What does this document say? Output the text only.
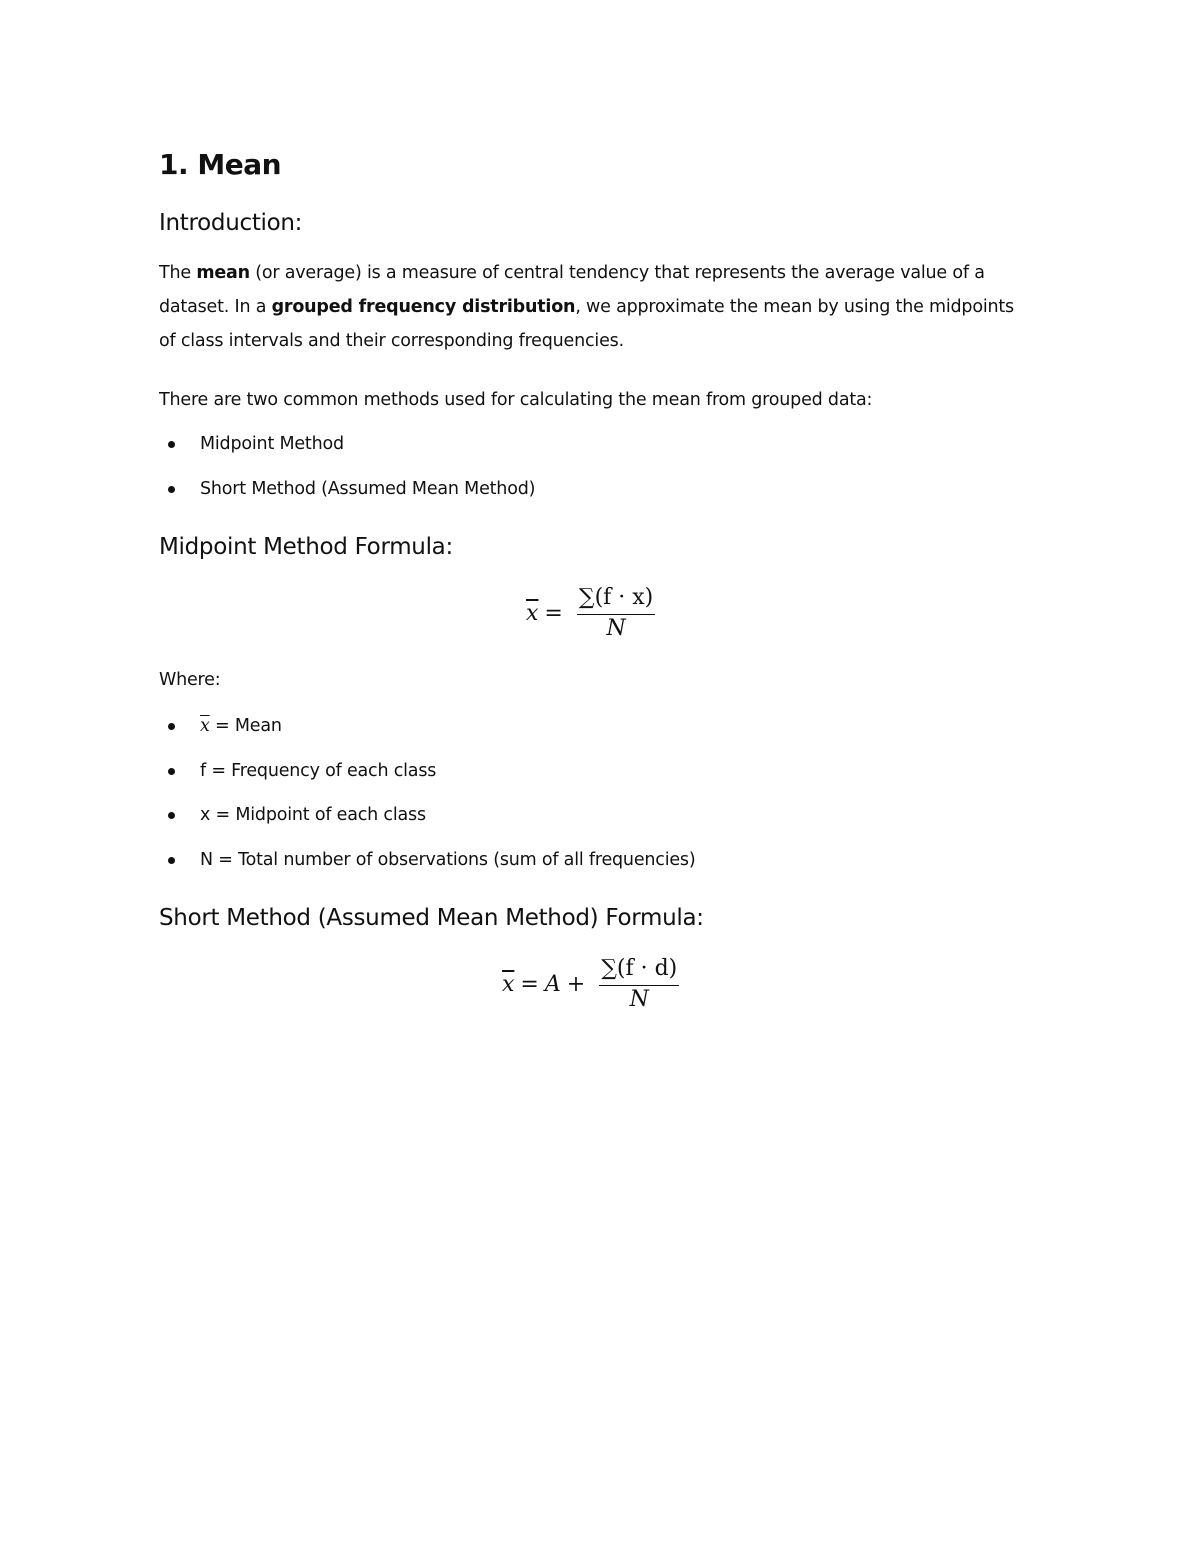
1. Mean
Introduction:
The mean (or average) is a measure of central tendency that represents the average value of a dataset. In a grouped frequency distribution, we approximate the mean by using the midpoints of class intervals and their corresponding frequencies.
There are two common methods used for calculating the mean from grouped data:
Midpoint Method
Short Method (Assumed Mean Method)
Midpoint Method Formula:
$\overline{x} = \frac{\sum(f \cdot x)}{N}$
Where:
$\overline{x}$ = Mean
f = Frequency of each class
x = Midpoint of each class
N = Total number of observations (sum of all frequencies)
Short Method (Assumed Mean Method) Formula:
$\overline{x} = A + \frac{\sum(f \cdot d)}{N}$
